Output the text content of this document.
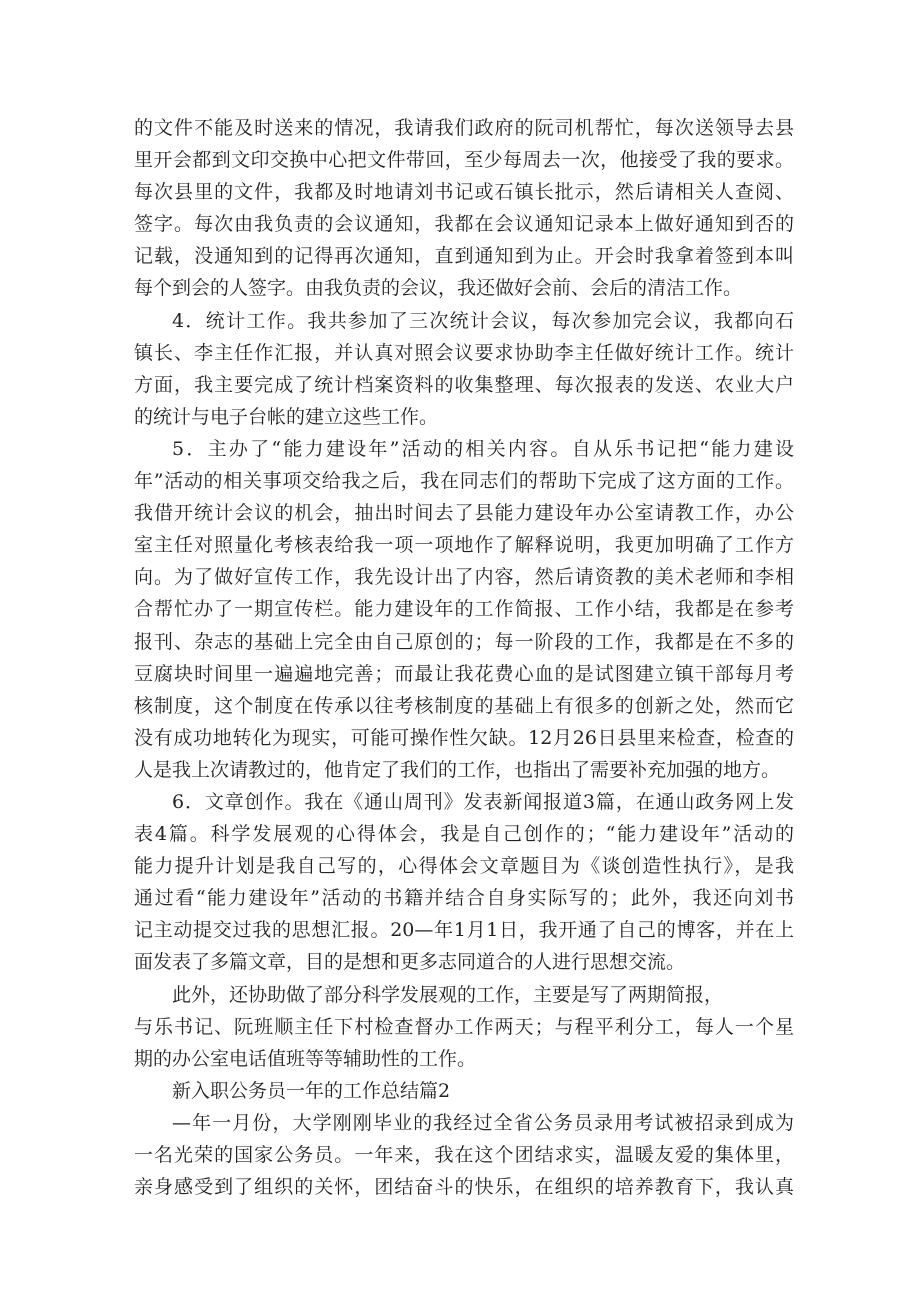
的文件不能及时送来的情况，我请我们政府的阮司机帮忙，每次送领导去县
里开会都到文印交换中心把文件带回，至少每周去一次，他接受了我的要求。
每次县里的文件，我都及时地请刘书记或石镇长批示，然后请相关人查阅、
签字。每次由我负责的会议通知，我都在会议通知记录本上做好通知到否的
记载，没通知到的记得再次通知，直到通知到为止。开会时我拿着签到本叫
每个到会的人签字。由我负责的会议，我还做好会前、会后的清洁工作。
4．统计工作。我共参加了三次统计会议，每次参加完会议，我都向石
镇长、李主任作汇报，并认真对照会议要求协助李主任做好统计工作。统计
方面，我主要完成了统计档案资料的收集整理、每次报表的发送、农业大户
的统计与电子台帐的建立这些工作。
5．主办了“能力建设年”活动的相关内容。自从乐书记把“能力建设
年”活动的相关事项交给我之后，我在同志们的帮助下完成了这方面的工作。
我借开统计会议的机会，抽出时间去了县能力建设年办公室请教工作，办公
室主任对照量化考核表给我一项一项地作了解释说明，我更加明确了工作方
向。为了做好宣传工作，我先设计出了内容，然后请资教的美术老师和李相
合帮忙办了一期宣传栏。能力建设年的工作简报、工作小结，我都是在参考
报刊、杂志的基础上完全由自己原创的；每一阶段的工作，我都是在不多的
豆腐块时间里一遍遍地完善；而最让我花费心血的是试图建立镇干部每月考
核制度，这个制度在传承以往考核制度的基础上有很多的创新之处，然而它
没有成功地转化为现实，可能可操作性欠缺。12月26日县里来检查，检查的
人是我上次请教过的，他肯定了我们的工作，也指出了需要补充加强的地方。
6．文章创作。我在《通山周刊》发表新闻报道3篇，在通山政务网上发
表4篇。科学发展观的心得体会，我是自己创作的；“能力建设年”活动的
能力提升计划是我自己写的，心得体会文章题目为《谈创造性执行》，是我
通过看“能力建设年”活动的书籍并结合自身实际写的；此外，我还向刘书
记主动提交过我的思想汇报。20—年1月1日，我开通了自己的博客，并在上
面发表了多篇文章，目的是想和更多志同道合的人进行思想交流。
此外，还协助做了部分科学发展观的工作，主要是写了两期简报，
与乐书记、阮班顺主任下村检查督办工作两天；与程平利分工，每人一个星
期的办公室电话值班等等辅助性的工作。
新入职公务员一年的工作总结篇2
—年一月份，大学刚刚毕业的我经过全省公务员录用考试被招录到成为
一名光荣的国家公务员。一年来，我在这个团结求实，温暖友爱的集体里，
亲身感受到了组织的关怀，团结奋斗的快乐，在组织的培养教育下，我认真
